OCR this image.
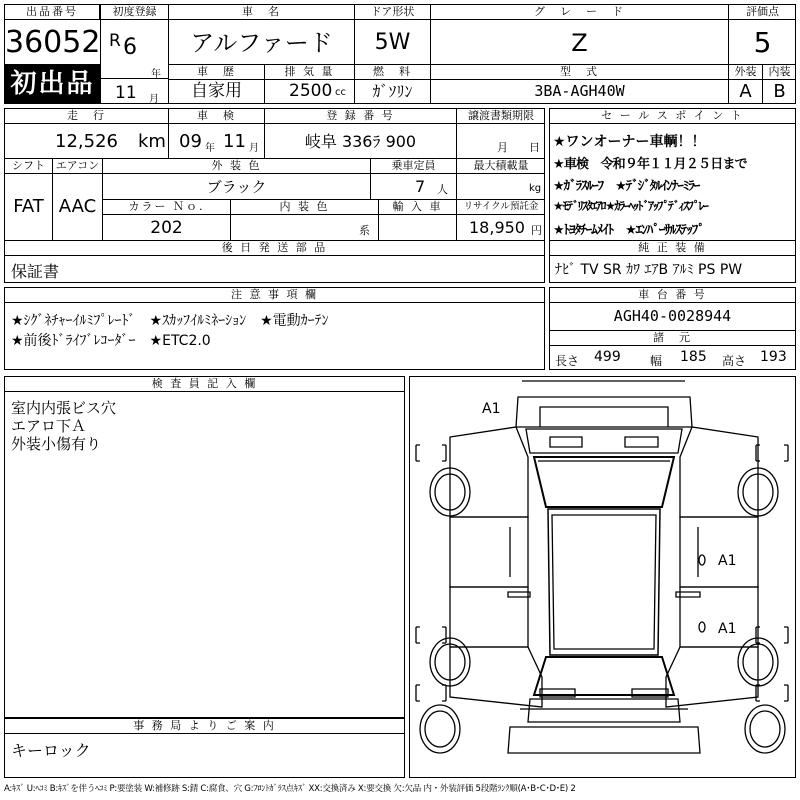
出品番号
36052
初出品
初度登録
R 6
年
11 月
車　名
アルファード
ドア形状
5W
グ　レ　ー　ド
Z
評価点
5
車　歴
自家用
排 気 量
2500 cc
燃　料
ｶﾞｿﾘﾝ
型　式
3BA-AGH40W
外装
A
内装
B
走　行
12,526 km
車　検
09 年 11 月
登 録 番 号
岐阜 336ﾗ 900
譲渡書類期限
月 日
シフト
FAT
エアコン
AAC
外 装 色
ブラック
乗車定員
7 人
最大積載量
kg
カラー Ｎｏ.
202
内 装 色
系
輸 入 車	リサイクル預託金
18,950 円
後 日 発 送 部 品
保証書
セ ー ル ス ポ イ ン ト
★ワンオーナー車輌！！
★車検　令和９年１１月２５日まで
★ｶﾞﾗｽﾙｰﾌ　★ﾃﾞｼﾞﾀﾙｲﾝﾅｰﾐﾗｰ
★ﾓﾃﾞﾘｽﾀｴｱﾛ★ｶﾗｰﾍｯﾄﾞｱｯﾌﾟﾃﾞｨｽﾌﾟﾚｰ
★ﾄﾖﾀﾁｰﾑﾒｲﾄ　★ｴﾝﾊﾟｰｻﾙｽﾃｯﾌﾟ
純 正 装 備
ﾅﾋﾞ TV SR ｶﾜ ｴｱB ｱﾙﾐ PS PW
注 意 事 項 欄
★ｼｸﾞﾈﾁｬｰｲﾙﾐﾌﾟﾚｰﾄﾞ　★ｽｶｯﾌｲﾙﾐﾈｰｼｮﾝ　★電動ｶｰﾃﾝ
★前後ﾄﾞﾗｲﾌﾞﾚｺｰﾀﾞｰ　★ETC2.0
車 台 番 号
AGH40-0028944
諸　元
長さ 499 幅 185 高さ 193
検 査 員 記 入 欄
室内内張ビス穴
エアロ下Ａ
外装小傷有り
事 務 局 よ り ご 案 内
キーロック
A1
A1
A1
A:ｷｽﾞ U:ﾍｺﾐ B:ｷｽﾞを伴うﾍｺﾐ P:要塗装 W:補修跡 S:錆 C:腐食、穴 G:ﾌﾛﾝﾄｶﾞﾗｽ点ｷｽﾞ XX:交換済み X:要交換 欠:欠品 内・外装評価 5段階ﾗﾝｸ順(A･B･C･D･E) 2
